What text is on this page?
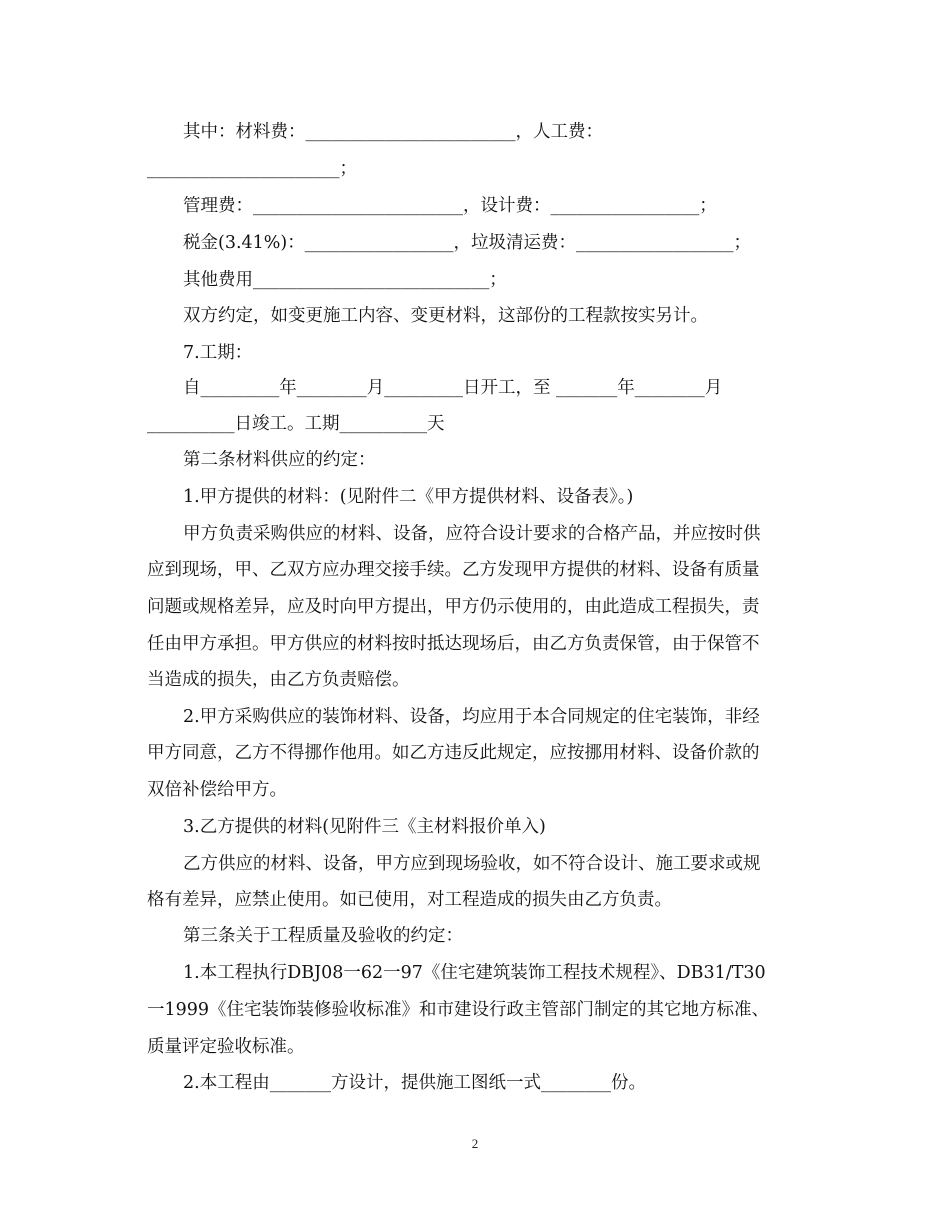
其中：材料费：________________________，人工费：
______________________；
管理费：________________________，设计费：_________________；
税金(3.41%)：_________________，垃圾清运费：__________________；
其他费用___________________________；
双方约定，如变更施工内容、变更材料，这部份的工程款按实另计。
7.工期：
自_________年________月_________日开工，至 _______年________月
__________日竣工。工期__________天
第二条材料供应的约定：
1.甲方提供的材料：(见附件二《甲方提供材料、设备表》。)
甲方负责采购供应的材料、设备，应符合设计要求的合格产品，并应按时供
应到现场，甲、乙双方应办理交接手续。乙方发现甲方提供的材料、设备有质量
问题或规格差异，应及时向甲方提出，甲方仍示使用的，由此造成工程损失，责
任由甲方承担。甲方供应的材料按时抵达现场后，由乙方负责保管，由于保管不
当造成的损失，由乙方负责赔偿。
2.甲方采购供应的装饰材料、设备，均应用于本合同规定的住宅装饰，非经
甲方同意，乙方不得挪作他用。如乙方违反此规定，应按挪用材料、设备价款的
双倍补偿给甲方。
3.乙方提供的材料(见附件三《主材料报价单入)
乙方供应的材料、设备，甲方应到现场验收，如不符合设计、施工要求或规
格有差异，应禁止使用。如已使用，对工程造成的损失由乙方负责。
第三条关于工程质量及验收的约定：
1.本工程执行DBJ08一62一97《住宅建筑装饰工程技术规程》、DB31/T30
一1999《住宅装饰装修验收标准》和市建设行政主管部门制定的其它地方标准、
质量评定验收标准。
2.本工程由_______方设计，提供施工图纸一式________份。
2
